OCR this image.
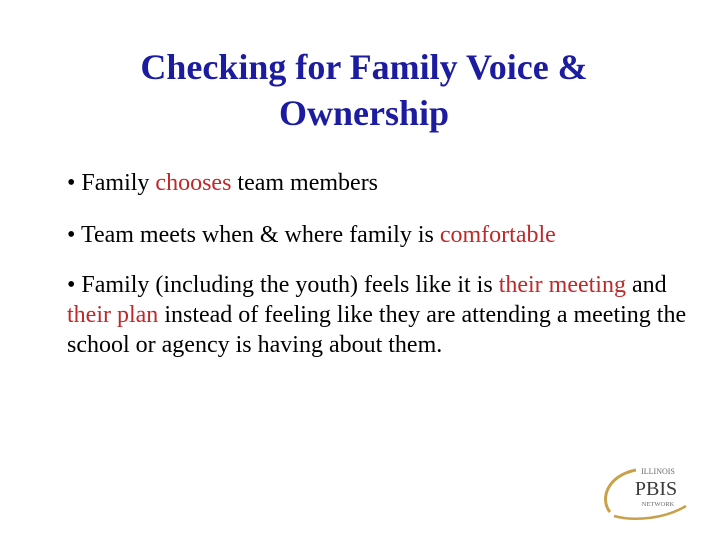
Checking for Family Voice &
Ownership

• Family chooses team members

• Team meets when & where family is comfortable

• Family (including the youth) feels like it is their meeting and their plan instead of feeling like they are attending a meeting the school or agency is having about them.

ILLINOIS
PBIS
NETWORK
